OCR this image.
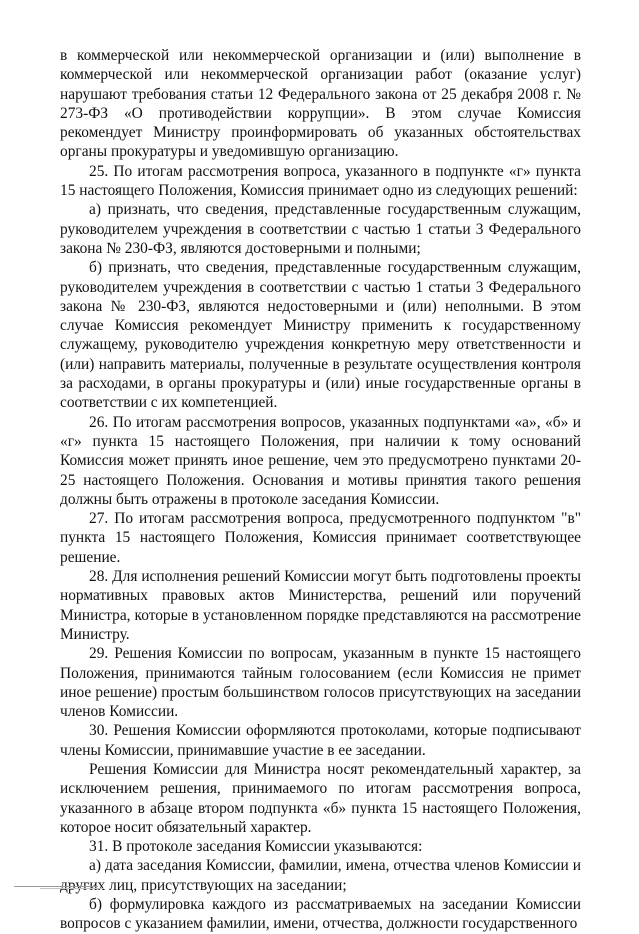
в коммерческой или некоммерческой организации и (или) выполнение в коммерческой или некоммерческой организации работ (оказание услуг) нарушают требования статьи 12 Федерального закона от 25 декабря 2008 г. № 273-ФЗ «О противодействии коррупции». В этом случае Комиссия рекомендует Министру проинформировать об указанных обстоятельствах органы прокуратуры и уведомившую организацию.

25. По итогам рассмотрения вопроса, указанного в подпункте «г» пункта 15 настоящего Положения, Комиссия принимает одно из следующих решений:

а) признать, что сведения, представленные государственным служащим, руководителем учреждения в соответствии с частью 1 статьи 3 Федерального закона № 230-ФЗ, являются достоверными и полными;

б) признать, что сведения, представленные государственным служащим, руководителем учреждения в соответствии с частью 1 статьи 3 Федерального закона № 230-ФЗ, являются недостоверными и (или) неполными. В этом случае Комиссия рекомендует Министру применить к государственному служащему, руководителю учреждения конкретную меру ответственности и (или) направить материалы, полученные в результате осуществления контроля за расходами, в органы прокуратуры и (или) иные государственные органы в соответствии с их компетенцией.

26. По итогам рассмотрения вопросов, указанных подпунктами «а», «б» и «г» пункта 15 настоящего Положения, при наличии к тому оснований Комиссия может принять иное решение, чем это предусмотрено пунктами 20-25 настоящего Положения. Основания и мотивы принятия такого решения должны быть отражены в протоколе заседания Комиссии.

27. По итогам рассмотрения вопроса, предусмотренного подпунктом "в" пункта 15 настоящего Положения, Комиссия принимает соответствующее решение.

28. Для исполнения решений Комиссии могут быть подготовлены проекты нормативных правовых актов Министерства, решений или поручений Министра, которые в установленном порядке представляются на рассмотрение Министру.

29. Решения Комиссии по вопросам, указанным в пункте 15 настоящего Положения, принимаются тайным голосованием (если Комиссия не примет иное решение) простым большинством голосов присутствующих на заседании членов Комиссии.

30. Решения Комиссии оформляются протоколами, которые подписывают члены Комиссии, принимавшие участие в ее заседании.

Решения Комиссии для Министра носят рекомендательный характер, за исключением решения, принимаемого по итогам рассмотрения вопроса, указанного в абзаце втором подпункта «б» пункта 15 настоящего Положения, которое носит обязательный характер.

31. В протоколе заседания Комиссии указываются:

а) дата заседания Комиссии, фамилии, имена, отчества членов Комиссии и других лиц, присутствующих на заседании;

б) формулировка каждого из рассматриваемых на заседании Комиссии вопросов с указанием фамилии, имени, отчества, должности государственного
